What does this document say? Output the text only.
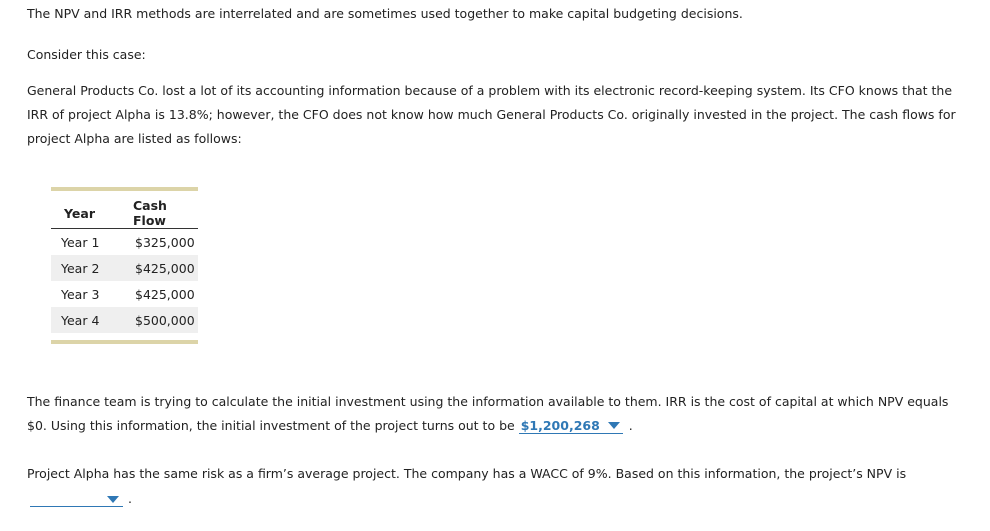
The NPV and IRR methods are interrelated and are sometimes used together to make capital budgeting decisions.

Consider this case:

General Products Co. lost a lot of its accounting information because of a problem with its electronic record-keeping system. Its CFO knows that the IRR of project Alpha is 13.8%; however, the CFO does not know how much General Products Co. originally invested in the project. The cash flows for project Alpha are listed as follows:

Year	Cash Flow
Year 1	$325,000
Year 2	$425,000
Year 3	$425,000
Year 4	$500,000

The finance team is trying to calculate the initial investment using the information available to them. IRR is the cost of capital at which NPV equals $0. Using this information, the initial investment of the project turns out to be $1,200,268 .

Project Alpha has the same risk as a firm’s average project. The company has a WACC of 9%. Based on this information, the project’s NPV is

.
